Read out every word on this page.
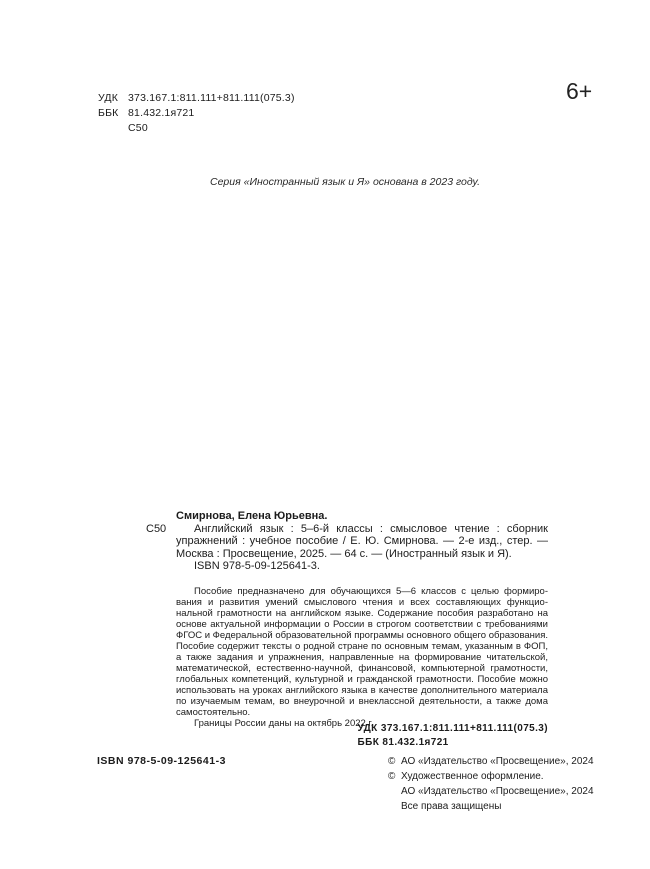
УДК 373.167.1:811.111+811.111(075.3)
ББК 81.432.1я721
С50
6+
Серия «Иностранный язык и Я» основана в 2023 году.
Смирнова, Елена Юрьевна.
С50	Английский язык : 5–6-й классы : смысловое чтение : сборник упражнений : учебное пособие / Е. Ю. Смирнова. — 2-е изд., стер. — Москва : Просвещение, 2025. — 64 с. — (Иностранный язык и Я).

ISBN 978-5-09-125641-3.

Пособие предназначено для обучающихся 5—6 классов с целью формирования и развития умений смыслового чтения и всех составляющих функциональной грамотности на английском языке. Содержание пособия разработано на основе актуальной информации о России в строгом соответствии с требованиями ФГОС и Федеральной образовательной программы основного общего образования. Пособие содержит тексты о родной стране по основным темам, указанным в ФОП, а также задания и упражнения, направленные на формирование читательской, математической, естественно-научной, финансовой, компьютерной грамотности, глобальных компетенций, культурной и гражданской грамотности. Пособие можно использовать на уроках английского языка в качестве дополнительного материала по изучаемым темам, во внеурочной и внеклассной деятельности, а также дома самостоятельно.

Границы России даны на октябрь 2022 г.

УДК 373.167.1:811.111+811.111(075.3)
ББК 81.432.1я721
ISBN 978-5-09-125641-3	© АО «Издательство «Просвещение», 2024
© Художественное оформление.
АО «Издательство «Просвещение», 2024
Все права защищены
